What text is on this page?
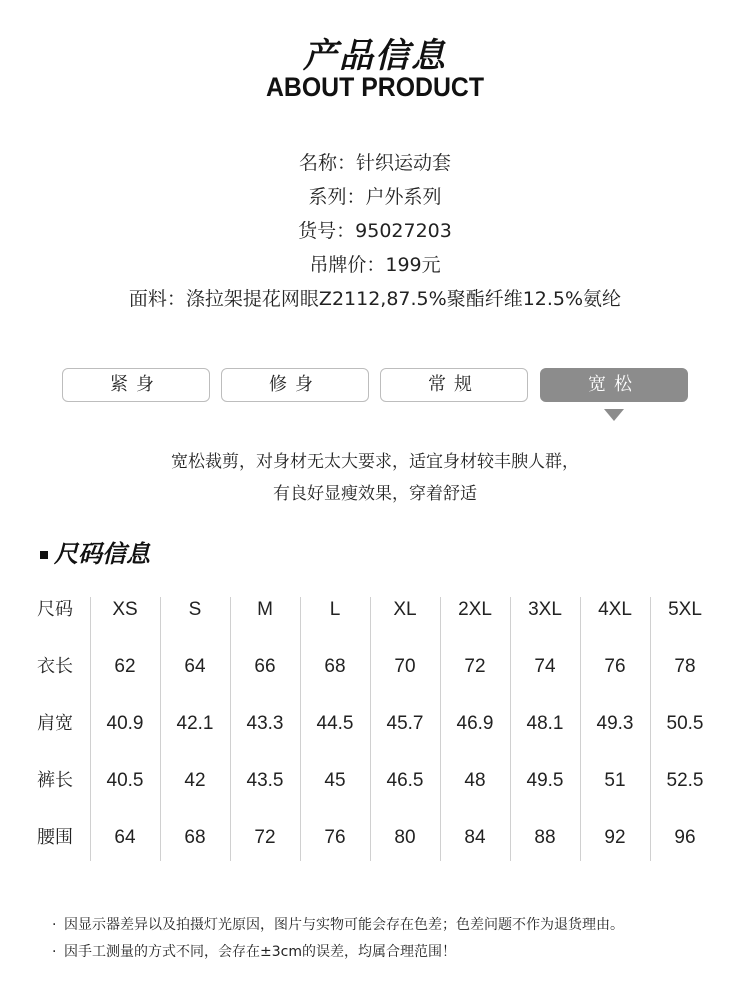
产品信息
ABOUT PRODUCT
名称：针织运动套
系列：户外系列
货号：95027203
吊牌价：199元
面料：涤拉架提花网眼Z2112,87.5%聚酯纤维12.5%氨纶
紧身	修身	常规	宽松
宽松裁剪，对身材无太大要求，适宜身材较丰腴人群，
有良好显瘦效果，穿着舒适
尺码信息
尺码	XS	S	M	L	XL	2XL	3XL	4XL	5XL
衣长	62	64	66	68	70	72	74	76	78
肩宽	40.9	42.1	43.3	44.5	45.7	46.9	48.1	49.3	50.5
裤长	40.5	42	43.5	45	46.5	48	49.5	51	52.5
腰围	64	68	72	76	80	84	88	92	96
· 因显示器差异以及拍摄灯光原因，图片与实物可能会存在色差；色差问题不作为退货理由。
· 因手工测量的方式不同，会存在±3cm的误差，均属合理范围！
